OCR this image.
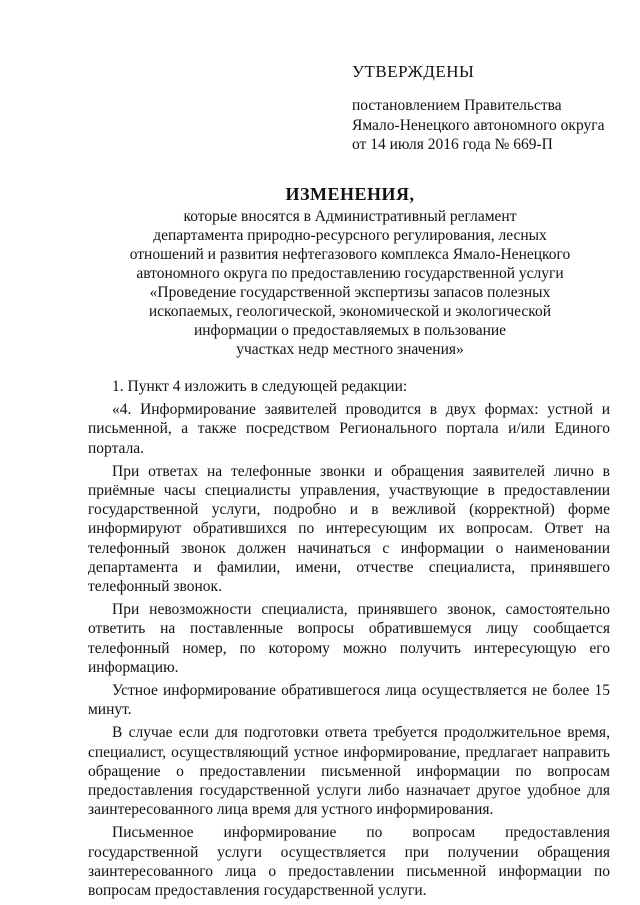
УТВЕРЖДЕНЫ
постановлением Правительства
Ямало-Ненецкого автономного округа
от 14 июля 2016 года № 669-П
ИЗМЕНЕНИЯ,
которые вносятся в Административный регламент
департамента природно-ресурсного регулирования, лесных
отношений и развития нефтегазового комплекса Ямало-Ненецкого
автономного округа по предоставлению государственной услуги
«Проведение государственной экспертизы запасов полезных
ископаемых, геологической, экономической и экологической
информации о предоставляемых в пользование
участках недр местного значения»

1. Пункт 4 изложить в следующей редакции:

«4. Информирование заявителей проводится в двух формах: устной и письменной, а также посредством Регионального портала и/или Единого портала.

При ответах на телефонные звонки и обращения заявителей лично в приёмные часы специалисты управления, участвующие в предоставлении государственной услуги, подробно и в вежливой (корректной) форме информируют обратившихся по интересующим их вопросам. Ответ на телефонный звонок должен начинаться с информации о наименовании департамента и фамилии, имени, отчестве специалиста, принявшего телефонный звонок.

При невозможности специалиста, принявшего звонок, самостоятельно ответить на поставленные вопросы обратившемуся лицу сообщается телефонный номер, по которому можно получить интересующую его информацию.

Устное информирование обратившегося лица осуществляется не более 15 минут.

В случае если для подготовки ответа требуется продолжительное время, специалист, осуществляющий устное информирование, предлагает направить обращение о предоставлении письменной информации по вопросам предоставления государственной услуги либо назначает другое удобное для заинтересованного лица время для устного информирования.

Письменное информирование по вопросам предоставления государственной услуги осуществляется при получении обращения заинтересованного лица о предоставлении письменной информации по вопросам предоставления государственной услуги.
